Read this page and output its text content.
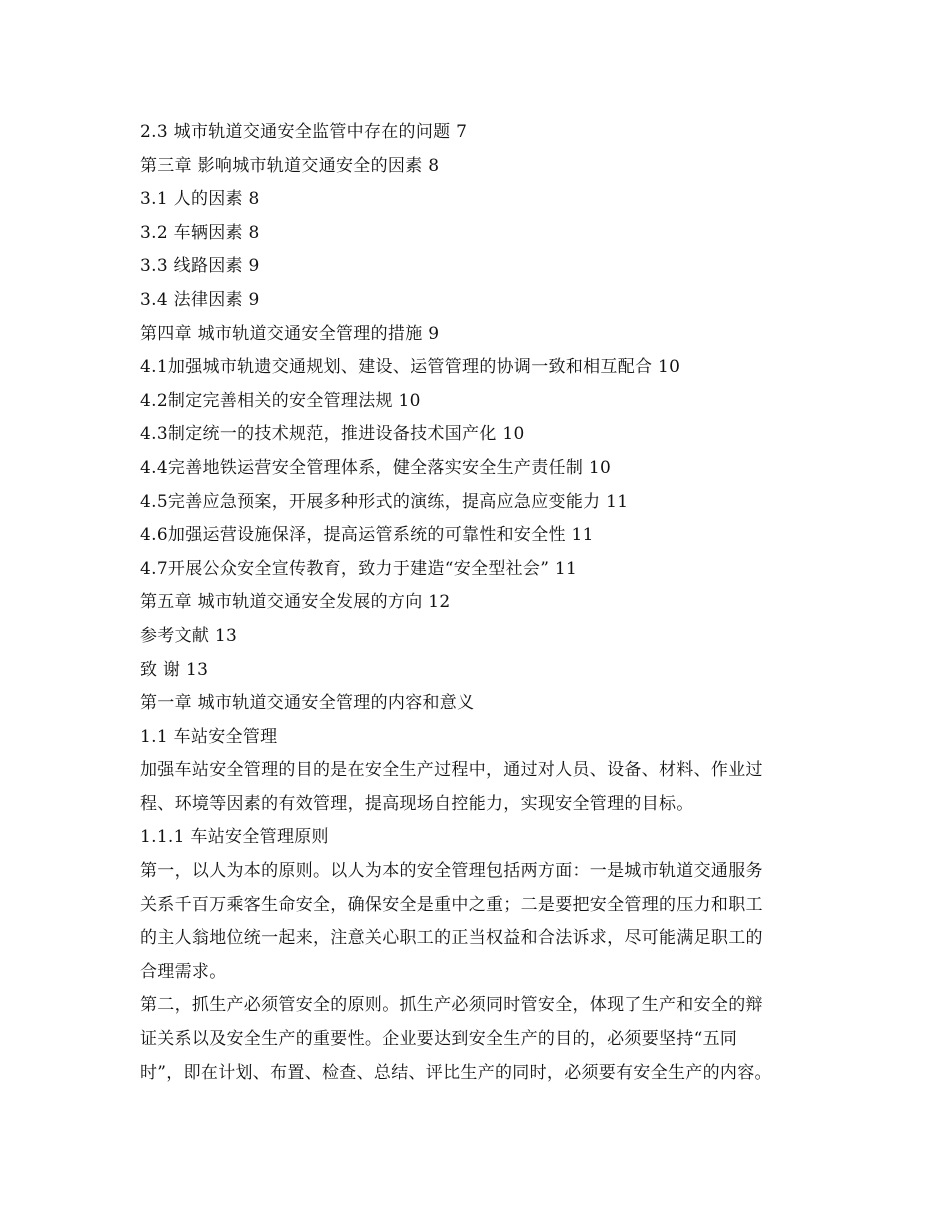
2.3 城市轨道交通安全监管中存在的问题 7
第三章 影响城市轨道交通安全的因素 8
3.1 人的因素 8
3.2 车辆因素 8
3.3 线路因素 9
3.4 法律因素 9
第四章 城市轨道交通安全管理的措施 9
4.1加强城市轨遗交通规划、建设、运管管理的协调一致和相互配合 10
4.2制定完善相关的安全管理法规 10
4.3制定统一的技术规范，推进设备技术国产化 10
4.4完善地铁运营安全管理体系，健全落实安全生产责任制 10
4.5完善应急预案，开展多种形式的演练，提高应急应变能力 11
4.6加强运营设施保泽，提高运管系统的可靠性和安全性 11
4.7开展公众安全宣传教育，致力于建造“安全型社会” 11
第五章 城市轨道交通安全发展的方向 12
参考文献 13
致 谢 13
第一章 城市轨道交通安全管理的内容和意义
1.1 车站安全管理
加强车站安全管理的目的是在安全生产过程中，通过对人员、设备、材料、作业过
程、环境等因素的有效管理，提高现场自控能力，实现安全管理的目标。
1.1.1 车站安全管理原则
第一，以人为本的原则。以人为本的安全管理包括两方面：一是城市轨道交通服务
关系千百万乘客生命安全，确保安全是重中之重；二是要把安全管理的压力和职工
的主人翁地位统一起来，注意关心职工的正当权益和合法诉求，尽可能满足职工的
合理需求。
第二，抓生产必须管安全的原则。抓生产必须同时管安全，体现了生产和安全的辩
证关系以及安全生产的重要性。企业要达到安全生产的目的，必须要坚持“五同
时”，即在计划、布置、检查、总结、评比生产的同时，必须要有安全生产的内容。
